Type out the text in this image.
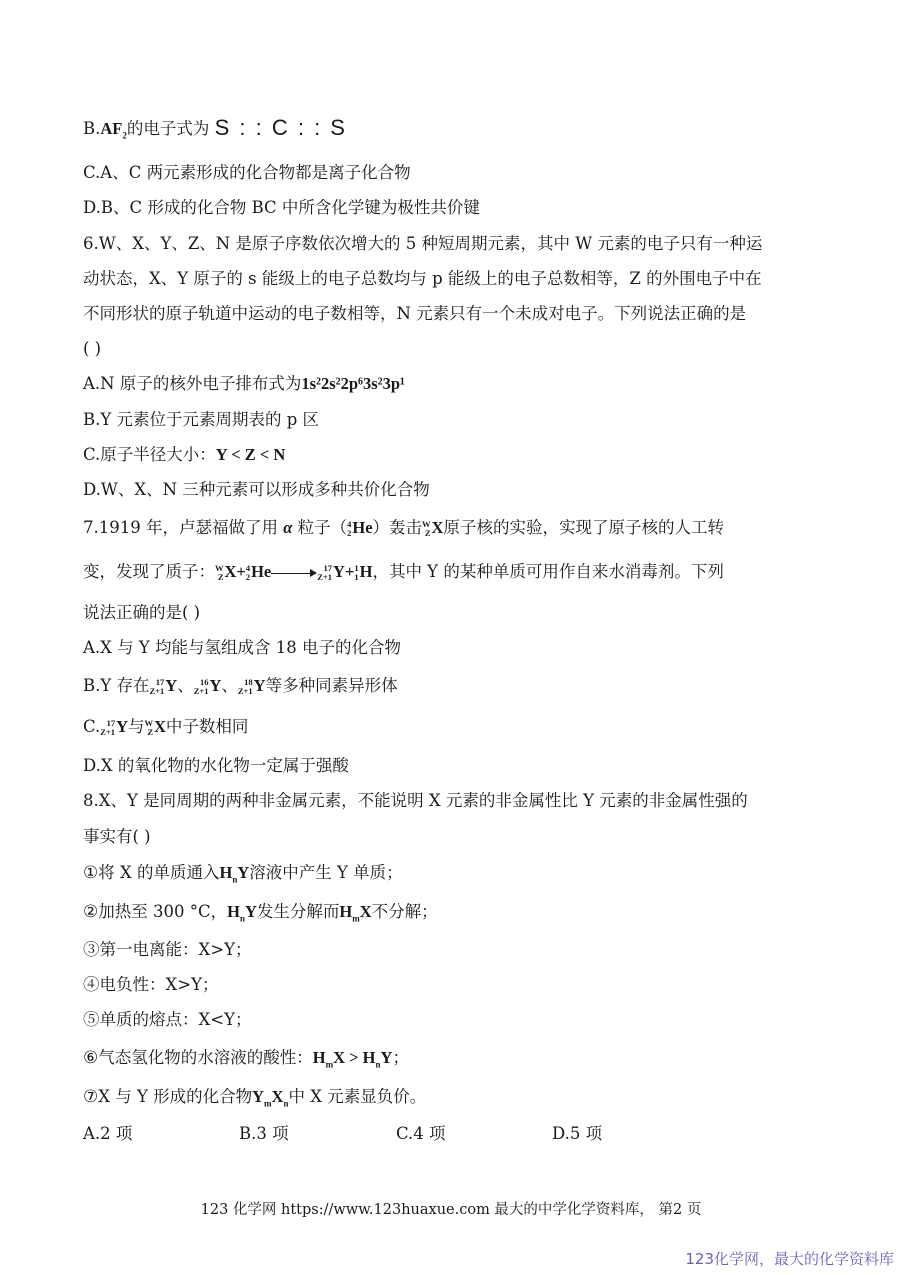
$B.AF_2$的电子式为 S : : C : : S
C.A、C 两元素形成的化合物都是离子化合物
D.B、C 形成的化合物 BC 中所含化学键为极性共价键
6.W、X、Y、Z、N 是原子序数依次增大的 5 种短周期元素，其中 W 元素的电子只有一种运
动状态，X、Y 原子的 s 能级上的电子总数均与 p 能级上的电子总数相等，Z 的外围电子中在
不同形状的原子轨道中运动的电子数相等，N 元素只有一个未成对电子。下列说法正确的是
( )
A.N 原子的核外电子排布式为1s²2s²2p⁶3s²3p¹
B.Y 元素位于元素周期表的 p 区
C.原子半径大小：Y < Z < N
D.W、X、N 三种元素可以形成多种共价化合物
7.1919 年，卢瑟福做了用 α 粒子（ 4
2 He）轰击 W
Z X原子核的实验，实现了原子核的人工转
变，发现了质子： W
Z X+ 4
2 He	17
Z+1 Y+ 1
1 H，其中 Y 的某种单质可用作自来水消毒剂。下列
说法正确的是( )
A.X 与 Y 均能与氢组成含 18 电子的化合物
B.Y 存在 17
Z+1 Y、 16
Z+1 Y、 18
Z+1 Y等多种同素异形体
C. 17
Z+1 Y与 W
Z X中子数相同
D.X 的氧化物的水化物一定属于强酸
8.X、Y 是同周期的两种非金属元素，不能说明 X 元素的非金属性比 Y 元素的非金属性强的
事实有( )
①将 X 的单质通入$H_nY$溶液中产生 Y 单质；
②加热至 300 °C，$H_nY$发生分解而$H_mX$不分解；
③第一电离能：X>Y；
④电负性：X>Y；
⑤单质的熔点：X<Y；
⑥气态氢化物的水溶液的酸性：$H_mX > H_nY$；
⑦X 与 Y 形成的化合物$Y_mX_n$中 X 元素显负价。
A.2 项	B.3 项	C.4 项	D.5 项
123 化学网 https://www.123huaxue.com 最大的中学化学资料库， 第2 页
123化学网，最大的化学资料库
